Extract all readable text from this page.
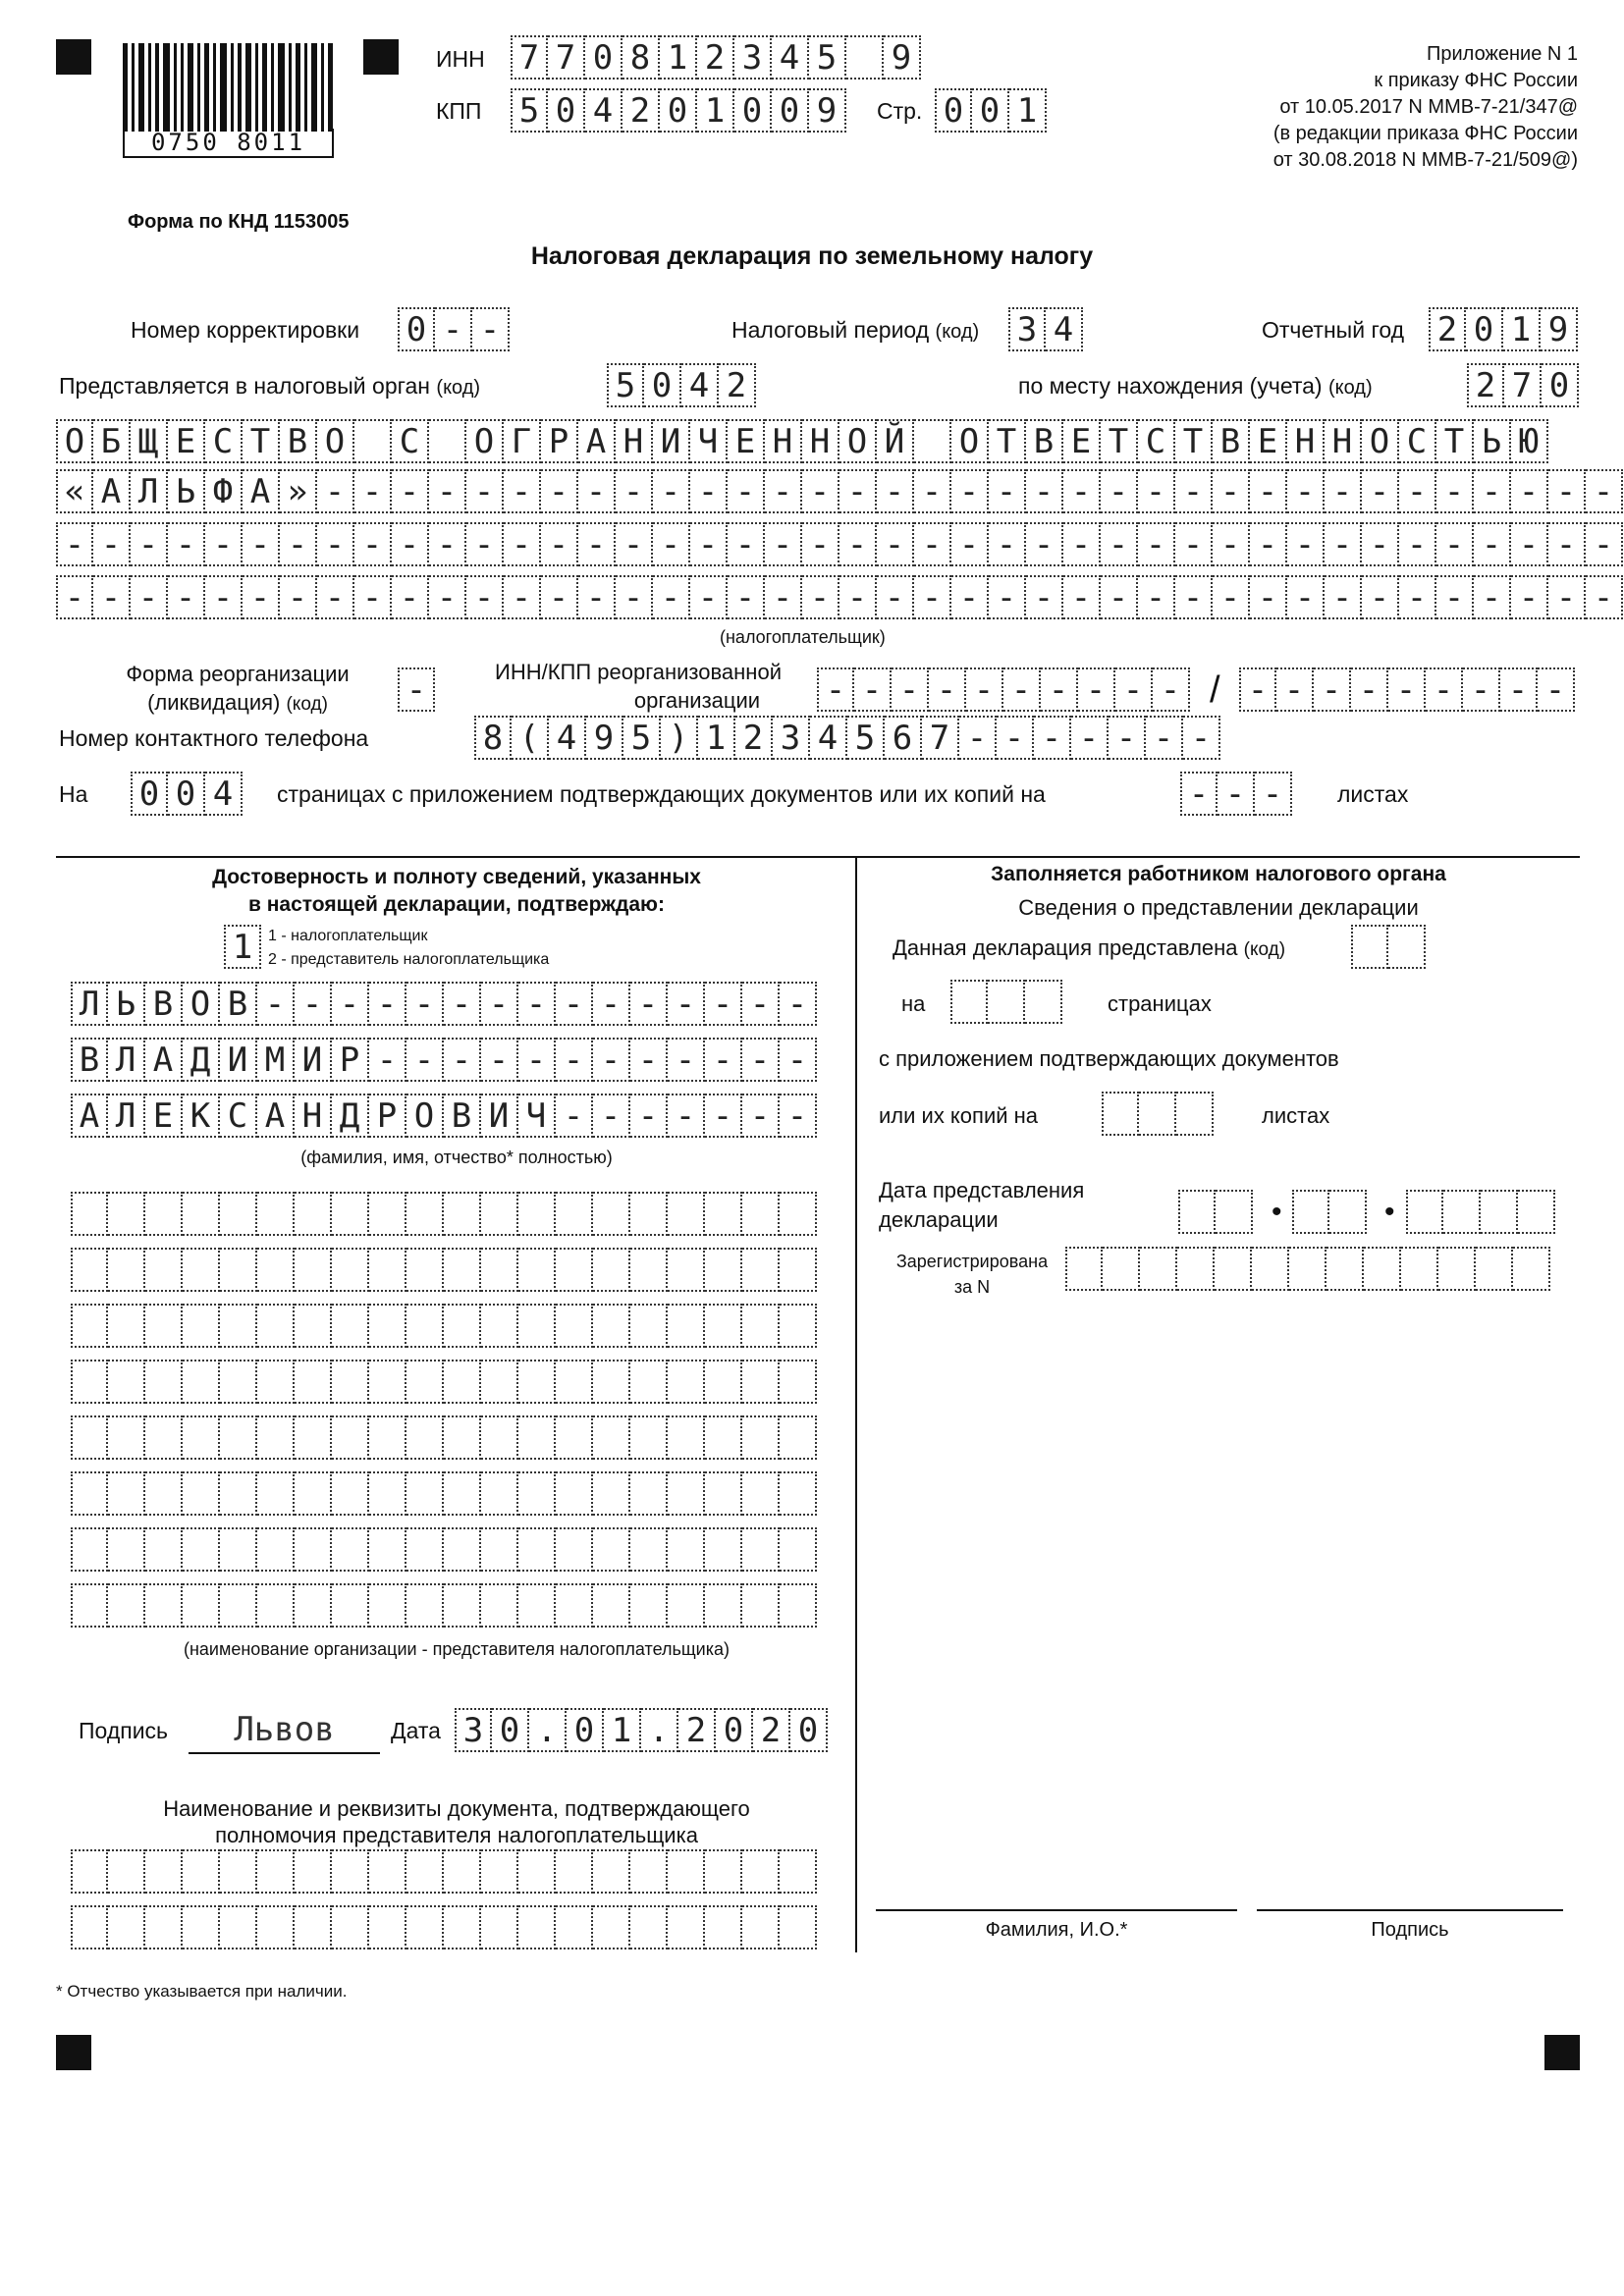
0750 8011
ИНН 7 7 0 8 1 2 3 4 5
9
КПП 5 0 4 2 0 1 0 0 9	Стр. 0 0 1
Приложение N 1
к приказу ФНС России
от 10.05.2017 N ММВ-7-21/347@
(в редакции приказа ФНС России
от 30.08.2018 N ММВ-7-21/509@)
Форма по КНД 1153005
Налоговая декларация по земельному налогу
Номер корректировки 0 - -	Налоговый период (код) 3 4	Отчетный год 2 0 1 9
Представляется в налоговый орган (код)	5 0 4 2	по месту нахождения (учета) (код)	2 7 0
О Б Щ Е С Т В О
С
О Г Р А Н И Ч Е Н Н О Й
О Т В Е Т С Т В Е Н Н О С Т Ь Ю
« А Л Ь Ф А » - - - - - - - - - - - - - - - - - - - - - - - - - - - - - - - - - - -
- - - - - - - - - - - - - - - - - - - - - - - - - - - - - - - - - - - - - - - - - -
- - - - - - - - - - - - - - - - - - - - - - - - - - - - - - - - - - - - - - - - - -
(налогоплательщик)
Форма реорганизации
(ликвидация) (код)	-	ИНН/КПП реорганизованной
организации	- - - - - - - - - - / - - - - - - - - -
Номер контактного телефона	8 ( 4 9 5 ) 1 2 3 4 5 6 7 - - - - - - -
На 0 0 4	страницах с приложением подтверждающих документов или их копий на	- - -	листах
Достоверность и полноту сведений, указанных
в настоящей декларации, подтверждаю:
1 1 - налогоплательщик
2 - представитель налогоплательщика
Л Ь В О В - - - - - - - - - - - - - - -
В Л А Д И М И Р - - - - - - - - - - - -
А Л Е К С А Н Д Р О В И Ч - - - - - - -
(фамилия, имя, отчество* полностью)

(наименование организации - представителя налогоплательщика)
Подпись	Львов	Дата 3 0 . 0 1 . 2 0 2 0
Наименование и реквизиты документа, подтверждающего
полномочия представителя налогоплательщика

Заполняется работником налогового органа
Сведения о представлении декларации
Данная декларация представлена (код)

на

	страницах
с приложением подтверждающих документов
или их копий на

	листах
Дата представления
декларации

	•

	•

Зарегистрирована
за N

Фамилия, И.О.*	Подпись
* Отчество указывается при наличии.
